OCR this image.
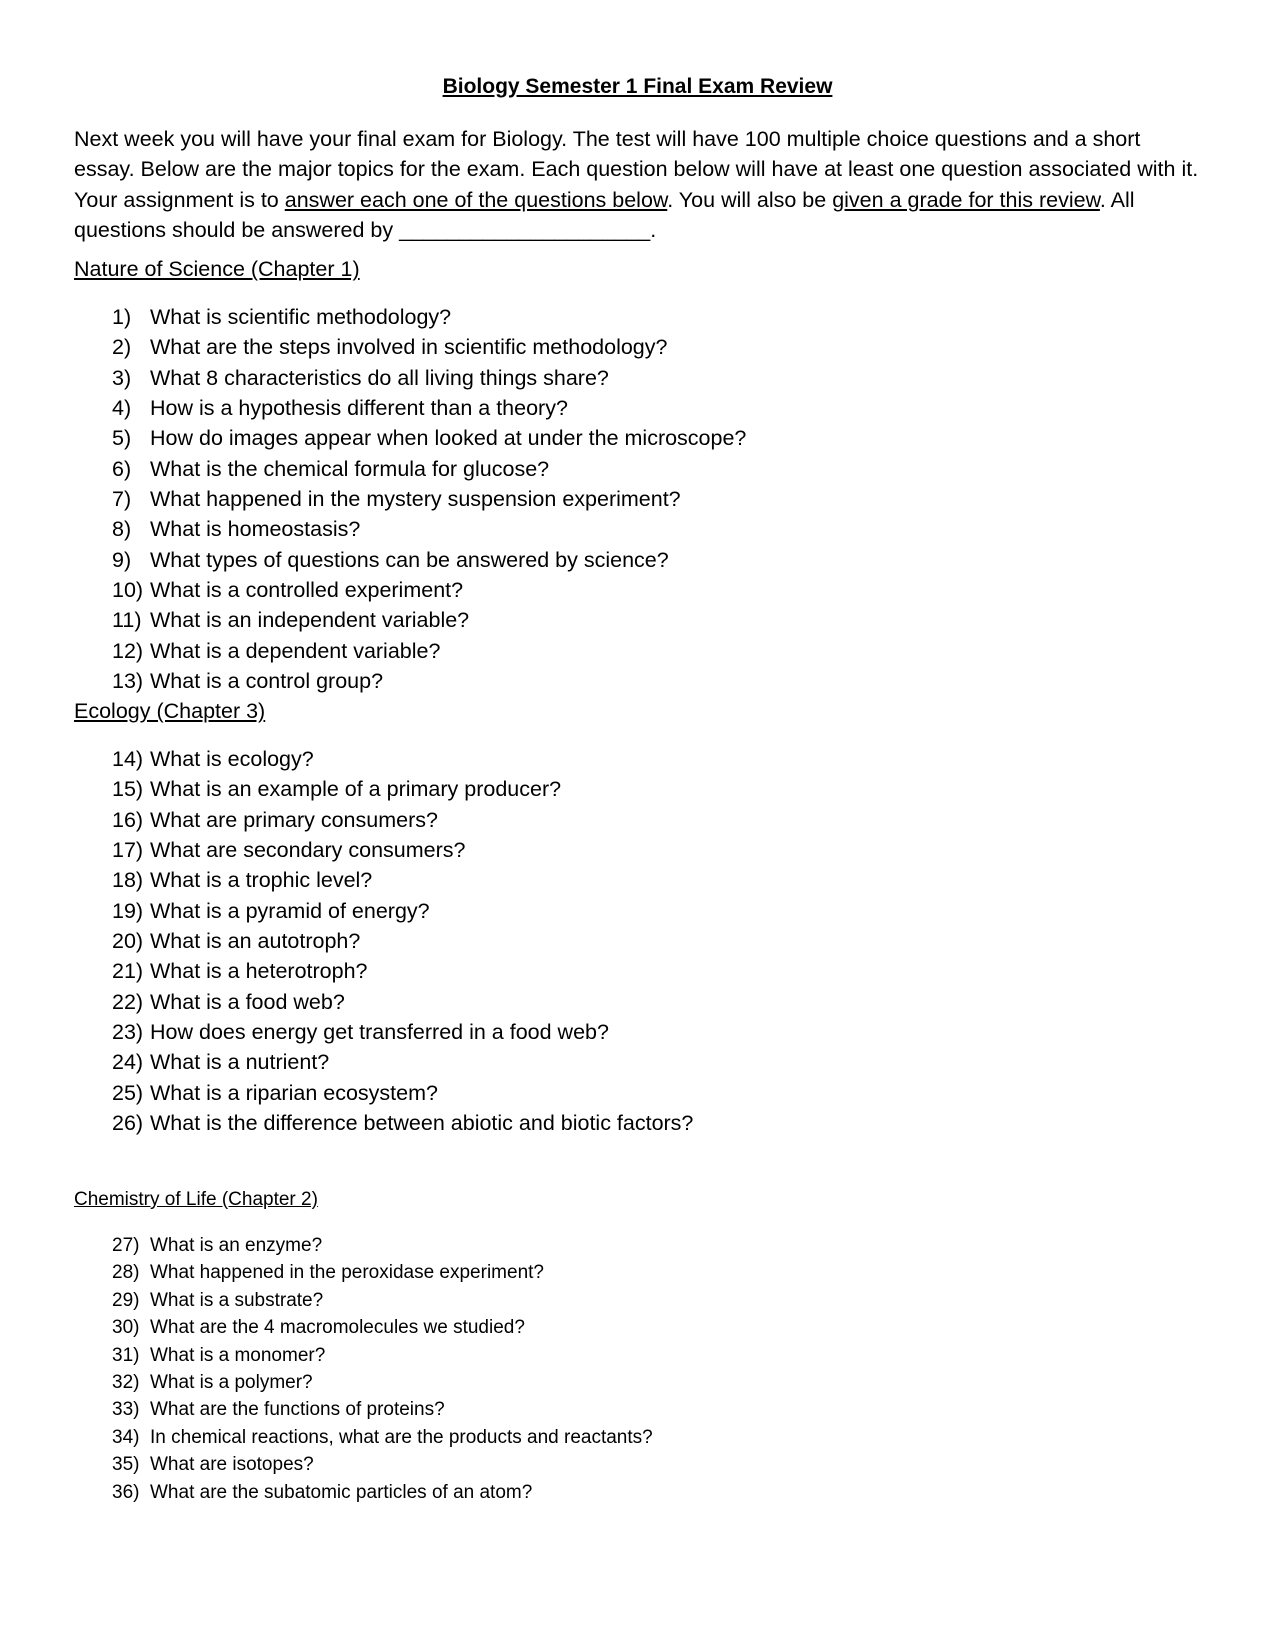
Biology Semester 1 Final Exam Review

Next week you will have your final exam for Biology. The test will have 100 multiple choice questions and a short essay. Below are the major topics for the exam. Each question below will have at least one question associated with it. Your assignment is to answer each one of the questions below. You will also be given a grade for this review. All questions should be answered by _____________________.

Nature of Science (Chapter 1)
1) What is scientific methodology?
2) What are the steps involved in scientific methodology?
3) What 8 characteristics do all living things share?
4) How is a hypothesis different than a theory?
5) How do images appear when looked at under the microscope?
6) What is the chemical formula for glucose?
7) What happened in the mystery suspension experiment?
8) What is homeostasis?
9) What types of questions can be answered by science?
10) What is a controlled experiment?
11) What is an independent variable?
12) What is a dependent variable?
13) What is a control group?
Ecology (Chapter 3)
14) What is ecology?
15) What is an example of a primary producer?
16) What are primary consumers?
17) What are secondary consumers?
18) What is a trophic level?
19) What is a pyramid of energy?
20) What is an autotroph?
21) What is a heterotroph?
22) What is a food web?
23) How does energy get transferred in a food web?
24) What is a nutrient?
25) What is a riparian ecosystem?
26) What is the difference between abiotic and biotic factors?
Chemistry of Life (Chapter 2)
27) What is an enzyme?
28) What happened in the peroxidase experiment?
29) What is a substrate?
30) What are the 4 macromolecules we studied?
31) What is a monomer?
32) What is a polymer?
33) What are the functions of proteins?
34) In chemical reactions, what are the products and reactants?
35) What are isotopes?
36) What are the subatomic particles of an atom?
